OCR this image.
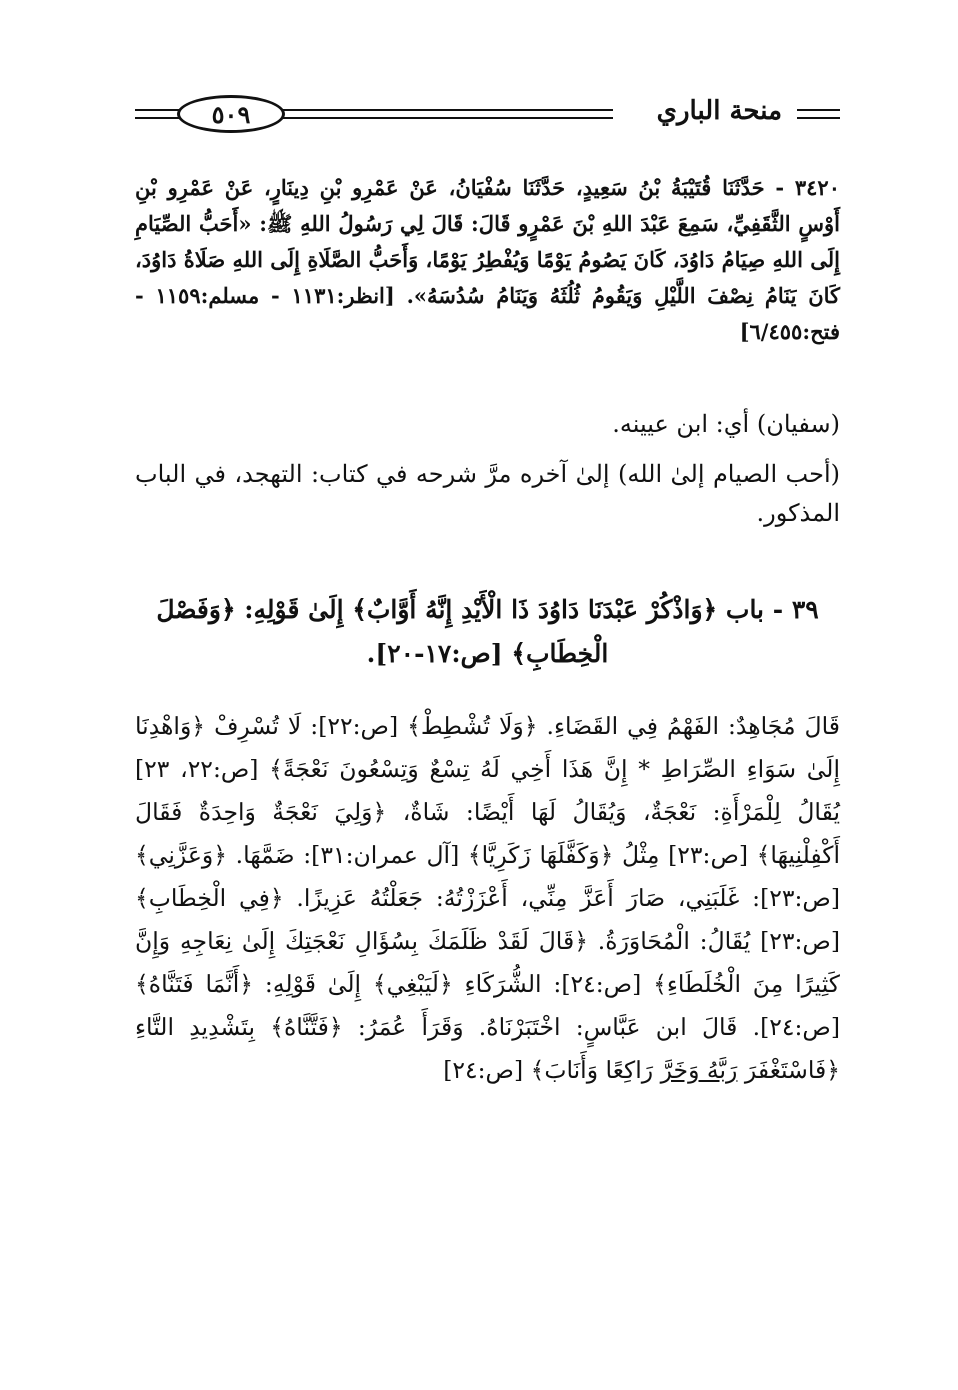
٥٠٩	منحة الباري
٣٤٢٠ - حَدَّثَنَا قُتَيْبَةُ بْنُ سَعِيدٍ، حَدَّثَنَا سُفْيَانُ، عَنْ عَمْرِو بْنِ دِينَارٍ، عَنْ عَمْرِو بْنِ أَوْسٍ الثَّقَفِيِّ، سَمِعَ عَبْدَ اللهِ بْنَ عَمْرٍو قَالَ: قَالَ لِي رَسُولُ اللهِ ﷺ: «أَحَبُّ الصِّيَامِ إِلَى اللهِ صِيَامُ دَاوُدَ، كَانَ يَصُومُ يَوْمًا وَيُفْطِرُ يَوْمًا، وَأَحَبُّ الصَّلَاةِ إِلَى اللهِ صَلَاةُ دَاوُدَ، كَانَ يَنَامُ نِصْفَ اللَّيْلِ وَيَقُومُ ثُلُثَهُ وَيَنَامُ سُدُسَهُ». [انظر:١١٣١ - مسلم:١١٥٩ - فتح:٦/٤٥٥]
(سفيان) أي: ابن عيينه.
(أحب الصيام إلىٰ الله) إلىٰ آخره مرَّ شرحه في كتاب: التهجد، في الباب المذكور.
٣٩ - باب ﴿وَاذْكُرْ عَبْدَنَا دَاوُدَ ذَا الْأَيْدِ إِنَّهُ أَوَّابٌ﴾ إِلَىٰ قَوْلِهِ: ﴿وَفَصْلَ الْخِطَابِ﴾ [ص:١٧-٢٠].
قَالَ مُجَاهِدٌ: الفَهْمُ فِي القَضَاءِ. ﴿وَلَا تُشْطِطْ﴾ [ص:٢٢]: لَا تُسْرِفْ ﴿وَاهْدِنَا إِلَىٰ سَوَاءِ الصِّرَاطِ * إِنَّ هَذَا أَخِي لَهُ تِسْعٌ وَتِسْعُونَ نَعْجَةً﴾ [ص:٢٢، ٢٣] يُقَالُ لِلْمَرْأَةِ: نَعْجَةٌ، وَيُقَالُ لَهَا أَيْضًا: شَاةٌ، ﴿وَلِيَ نَعْجَةٌ وَاحِدَةٌ فَقَالَ أَكْفِلْنِيهَا﴾ [ص:٢٣] مِثْلُ ﴿وَكَفَّلَهَا زَكَرِيَّا﴾ [آل عمران:٣١]: ضَمَّهَا. ﴿وَعَزَّنِي﴾ [ص:٢٣]: غَلَبَنِي، صَارَ أَعَزَّ مِنِّي، أَعْزَزْتُهُ: جَعَلْتُهُ عَزِيزًا. ﴿فِي الْخِطَابِ﴾ [ص:٢٣] يُقَالُ: الْمُحَاوَرَةُ. ﴿قَالَ لَقَدْ ظَلَمَكَ بِسُؤَالِ نَعْجَتِكَ إِلَىٰ نِعَاجِهِ وَإِنَّ كَثِيرًا مِنَ الْخُلَطَاءِ﴾ [ص:٢٤]: الشُّرَكَاءِ ﴿لَيَبْغِي﴾ إِلَىٰ قَوْلِهِ: ﴿أَنَّمَا فَتَنَّاهُ﴾ [ص:٢٤]. قَالَ ابن عَبَّاسٍ: اخْتَبَرْنَاهُ. وَقَرَأَ عُمَرُ: ﴿فَتَّنَّاهُ﴾ بِتَشْدِيدِ التَّاءِ ﴿فَاسْتَغْفَرَ رَبَّهُ وَخَرَّ رَاكِعًا وَأَنَابَ﴾ [ص:٢٤]
